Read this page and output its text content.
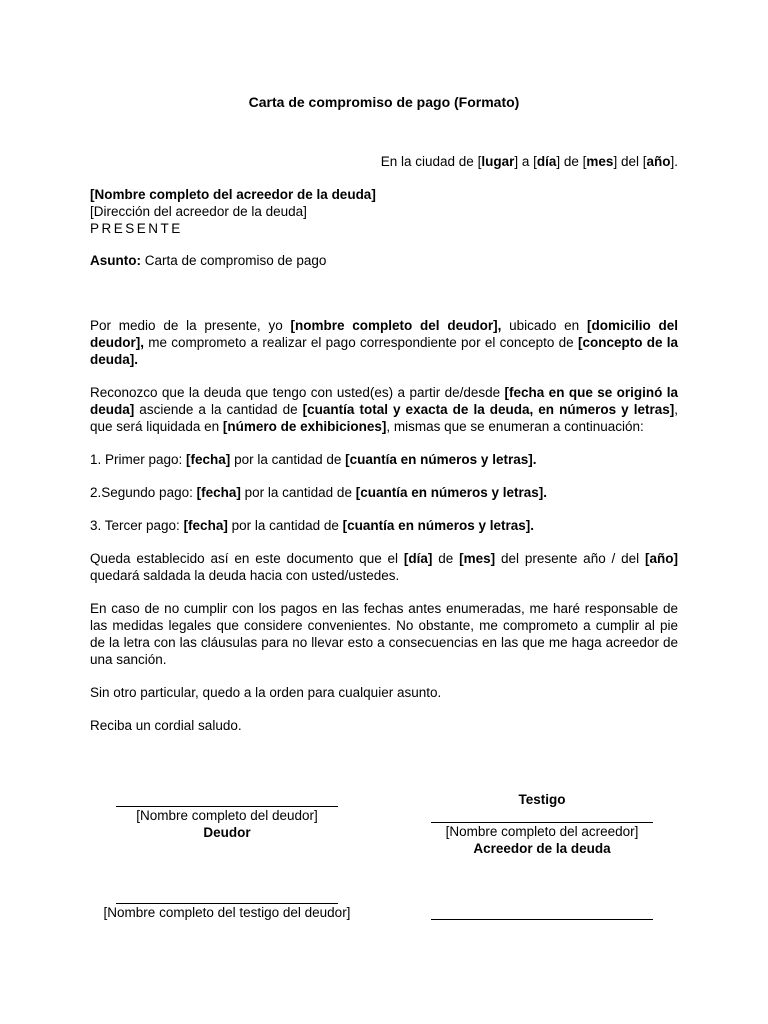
Carta de compromiso de pago (Formato)
En la ciudad de [lugar] a [día] de [mes] del [año].
[Nombre completo del acreedor de la deuda]
[Dirección del acreedor de la deuda]
PRESENTE
Asunto: Carta de compromiso de pago

Por medio de la presente, yo [nombre completo del deudor], ubicado en [domicilio del deudor], me comprometo a realizar el pago correspondiente por el concepto de [concepto de la deuda].

Reconozco que la deuda que tengo con usted(es) a partir de/desde [fecha en que se originó la deuda] asciende a la cantidad de [cuantía total y exacta de la deuda, en números y letras], que será liquidada en [número de exhibiciones], mismas que se enumeran a continuación:

1. Primer pago: [fecha] por la cantidad de [cuantía en números y letras].

2.Segundo pago: [fecha] por la cantidad de [cuantía en números y letras].

3. Tercer pago: [fecha] por la cantidad de [cuantía en números y letras].

Queda establecido así en este documento que el [día] de [mes] del presente año / del [año] quedará saldada la deuda hacia con usted/ustedes.

En caso de no cumplir con los pagos en las fechas antes enumeradas, me haré responsable de las medidas legales que considere convenientes. No obstante, me comprometo a cumplir al pie de la letra con las cláusulas para no llevar esto a consecuencias en las que me haga acreedor de una sanción.

Sin otro particular, quedo a la orden para cualquier asunto.

Reciba un cordial saludo.

[Nombre completo del deudor]
Deudor
Testigo
[Nombre completo del acreedor]
Acreedor de la deuda
[Nombre completo del testigo del deudor]
